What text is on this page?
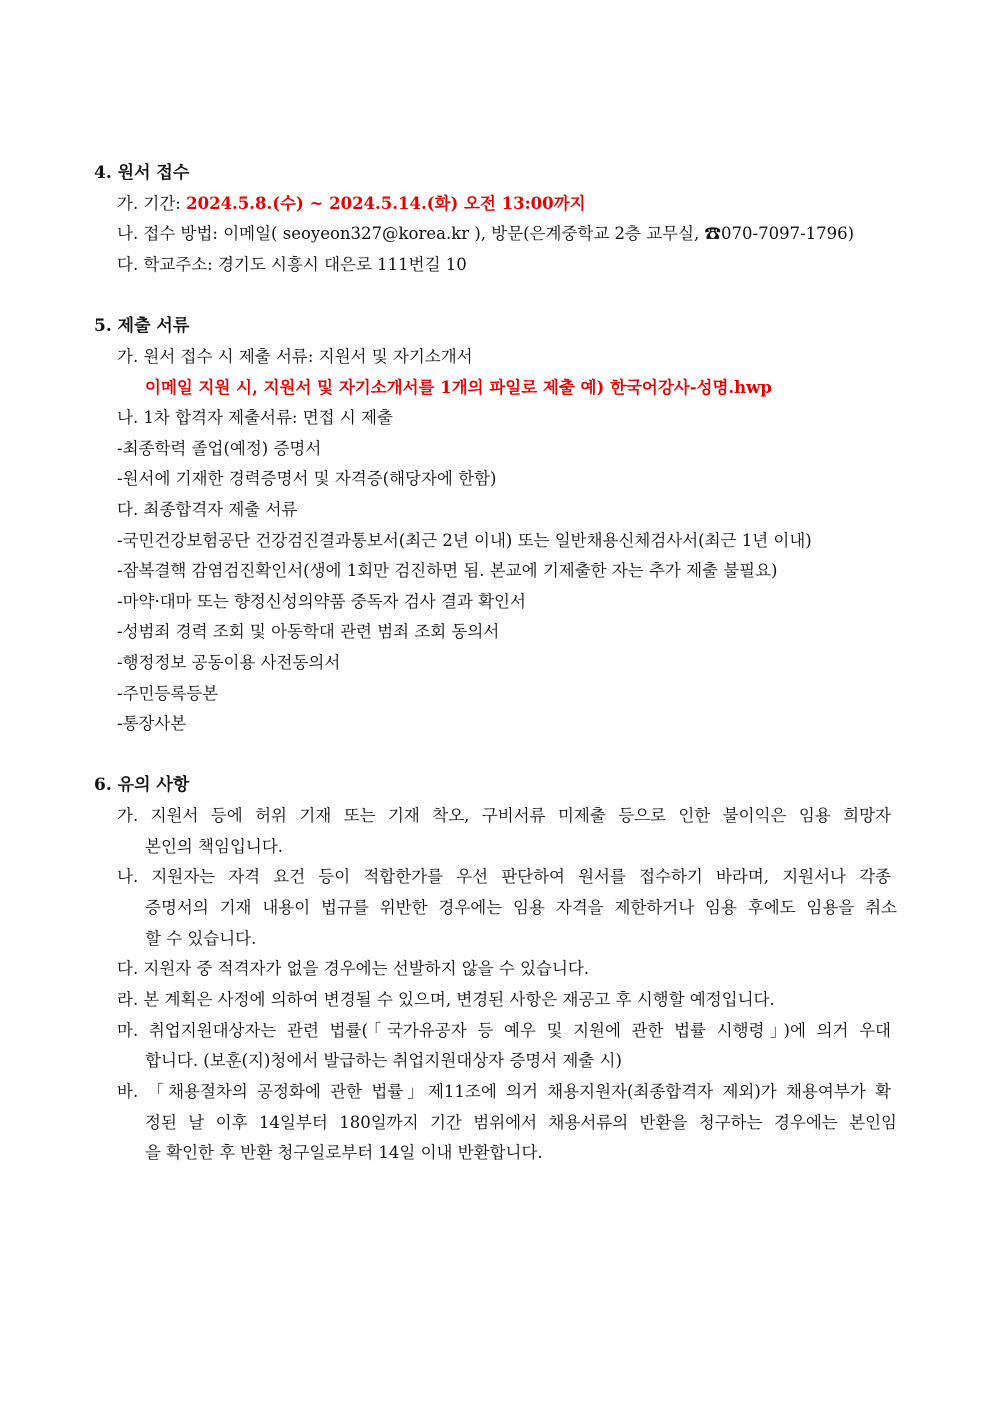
4. 원서 접수
가. 기간: 2024.5.8.(수) ~ 2024.5.14.(화) 오전 13:00까지
나. 접수 방법: 이메일( seoyeon327@korea.kr ), 방문(은계중학교 2층 교무실, ☎070-7097-1796)
다. 학교주소: 경기도 시흥시 대은로 111번길 10
5. 제출 서류
가. 원서 접수 시 제출 서류: 지원서 및 자기소개서
이메일 지원 시, 지원서 및 자기소개서를 1개의 파일로 제출 예) 한국어강사-성명.hwp
나. 1차 합격자 제출서류: 면접 시 제출
-최종학력 졸업(예정) 증명서
-원서에 기재한 경력증명서 및 자격증(해당자에 한함)
다. 최종합격자 제출 서류
-국민건강보험공단 건강검진결과통보서(최근 2년 이내) 또는 일반채용신체검사서(최근 1년 이내)
-잠복결핵 감염검진확인서(생에 1회만 검진하면 됨. 본교에 기제출한 자는 추가 제출 불필요)
-마약·대마 또는 향정신성의약품 중독자 검사 결과 확인서
-성범죄 경력 조회 및 아동학대 관련 범죄 조회 동의서
-행정정보 공동이용 사전동의서
-주민등록등본
-통장사본
6. 유의 사항
가. 지원서 등에 허위 기재 또는 기재 착오, 구비서류 미제출 등으로 인한 불이익은 임용 희망자
본인의 책임입니다.
나. 지원자는 자격 요건 등이 적합한가를 우선 판단하여 원서를 접수하기 바라며, 지원서나 각종
증명서의 기재 내용이 법규를 위반한 경우에는 임용 자격을 제한하거나 임용 후에도 임용을 취소
할 수 있습니다.
다. 지원자 중 적격자가 없을 경우에는 선발하지 않을 수 있습니다.
라. 본 계획은 사정에 의하여 변경될 수 있으며, 변경된 사항은 재공고 후 시행할 예정입니다.
마. 취업지원대상자는 관련 법률(「국가유공자 등 예우 및 지원에 관한 법률 시행령」)에 의거 우대
합니다. (보훈(지)청에서 발급하는 취업지원대상자 증명서 제출 시)
바. 「채용절차의 공정화에 관한 법률」제11조에 의거 채용지원자(최종합격자 제외)가 채용여부가 확
정된 날 이후 14일부터 180일까지 기간 범위에서 채용서류의 반환을 청구하는 경우에는 본인임
을 확인한 후 반환 청구일로부터 14일 이내 반환합니다.
